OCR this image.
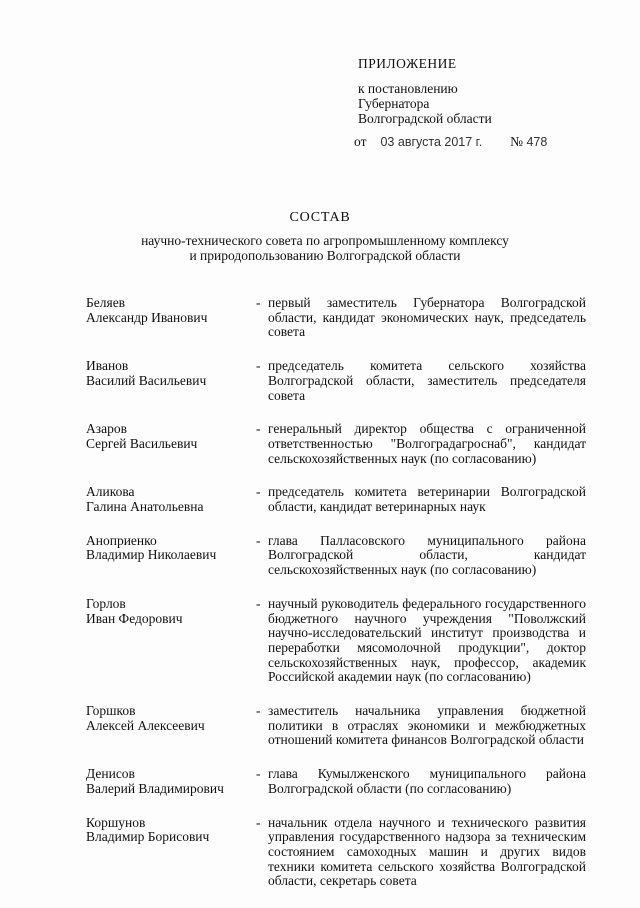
ПРИЛОЖЕНИЕ
к постановлению
Губернатора
Волгоградской области
от 03 августа 2017 г. № 478
СОСТАВ
научно-технического совета по агропромышленному комплексу
и природопользованию Волгоградской области
Беляев
Александр Иванович
- первый заместитель Губернатора Волгоградской области, кандидат экономических наук, председатель совета
Иванов
Василий Васильевич
- председатель комитета сельского хозяйства Волгоградской области, заместитель председателя совета
Азаров
Сергей Васильевич
- генеральный директор общества с ограниченной ответственностью "Волгоградагроснаб", кандидат сельскохозяйственных наук (по согласованию)
Аликова
Галина Анатольевна
- председатель комитета ветеринарии Волгоградской области, кандидат ветеринарных наук
Аноприенко
Владимир Николаевич
- глава Палласовского муниципального района Волгоградской области, кандидат сельскохозяйственных наук (по согласованию)
Горлов
Иван Федорович
- научный руководитель федерального государственного бюджетного научного учреждения "Поволжский научно-исследовательский институт производства и переработки мясомолочной продукции", доктор сельскохозяйственных наук, профессор, академик Российской академии наук (по согласованию)
Горшков
Алексей Алексеевич
- заместитель начальника управления бюджетной политики в отраслях экономики и межбюджетных отношений комитета финансов Волгоградской области
Денисов
Валерий Владимирович
- глава Кумылженского муниципального района Волгоградской области (по согласованию)
Коршунов
Владимир Борисович
- начальник отдела научного и технического развития управления государственного надзора за техническим состоянием самоходных машин и других видов техники комитета сельского хозяйства Волгоградской области, секретарь совета
